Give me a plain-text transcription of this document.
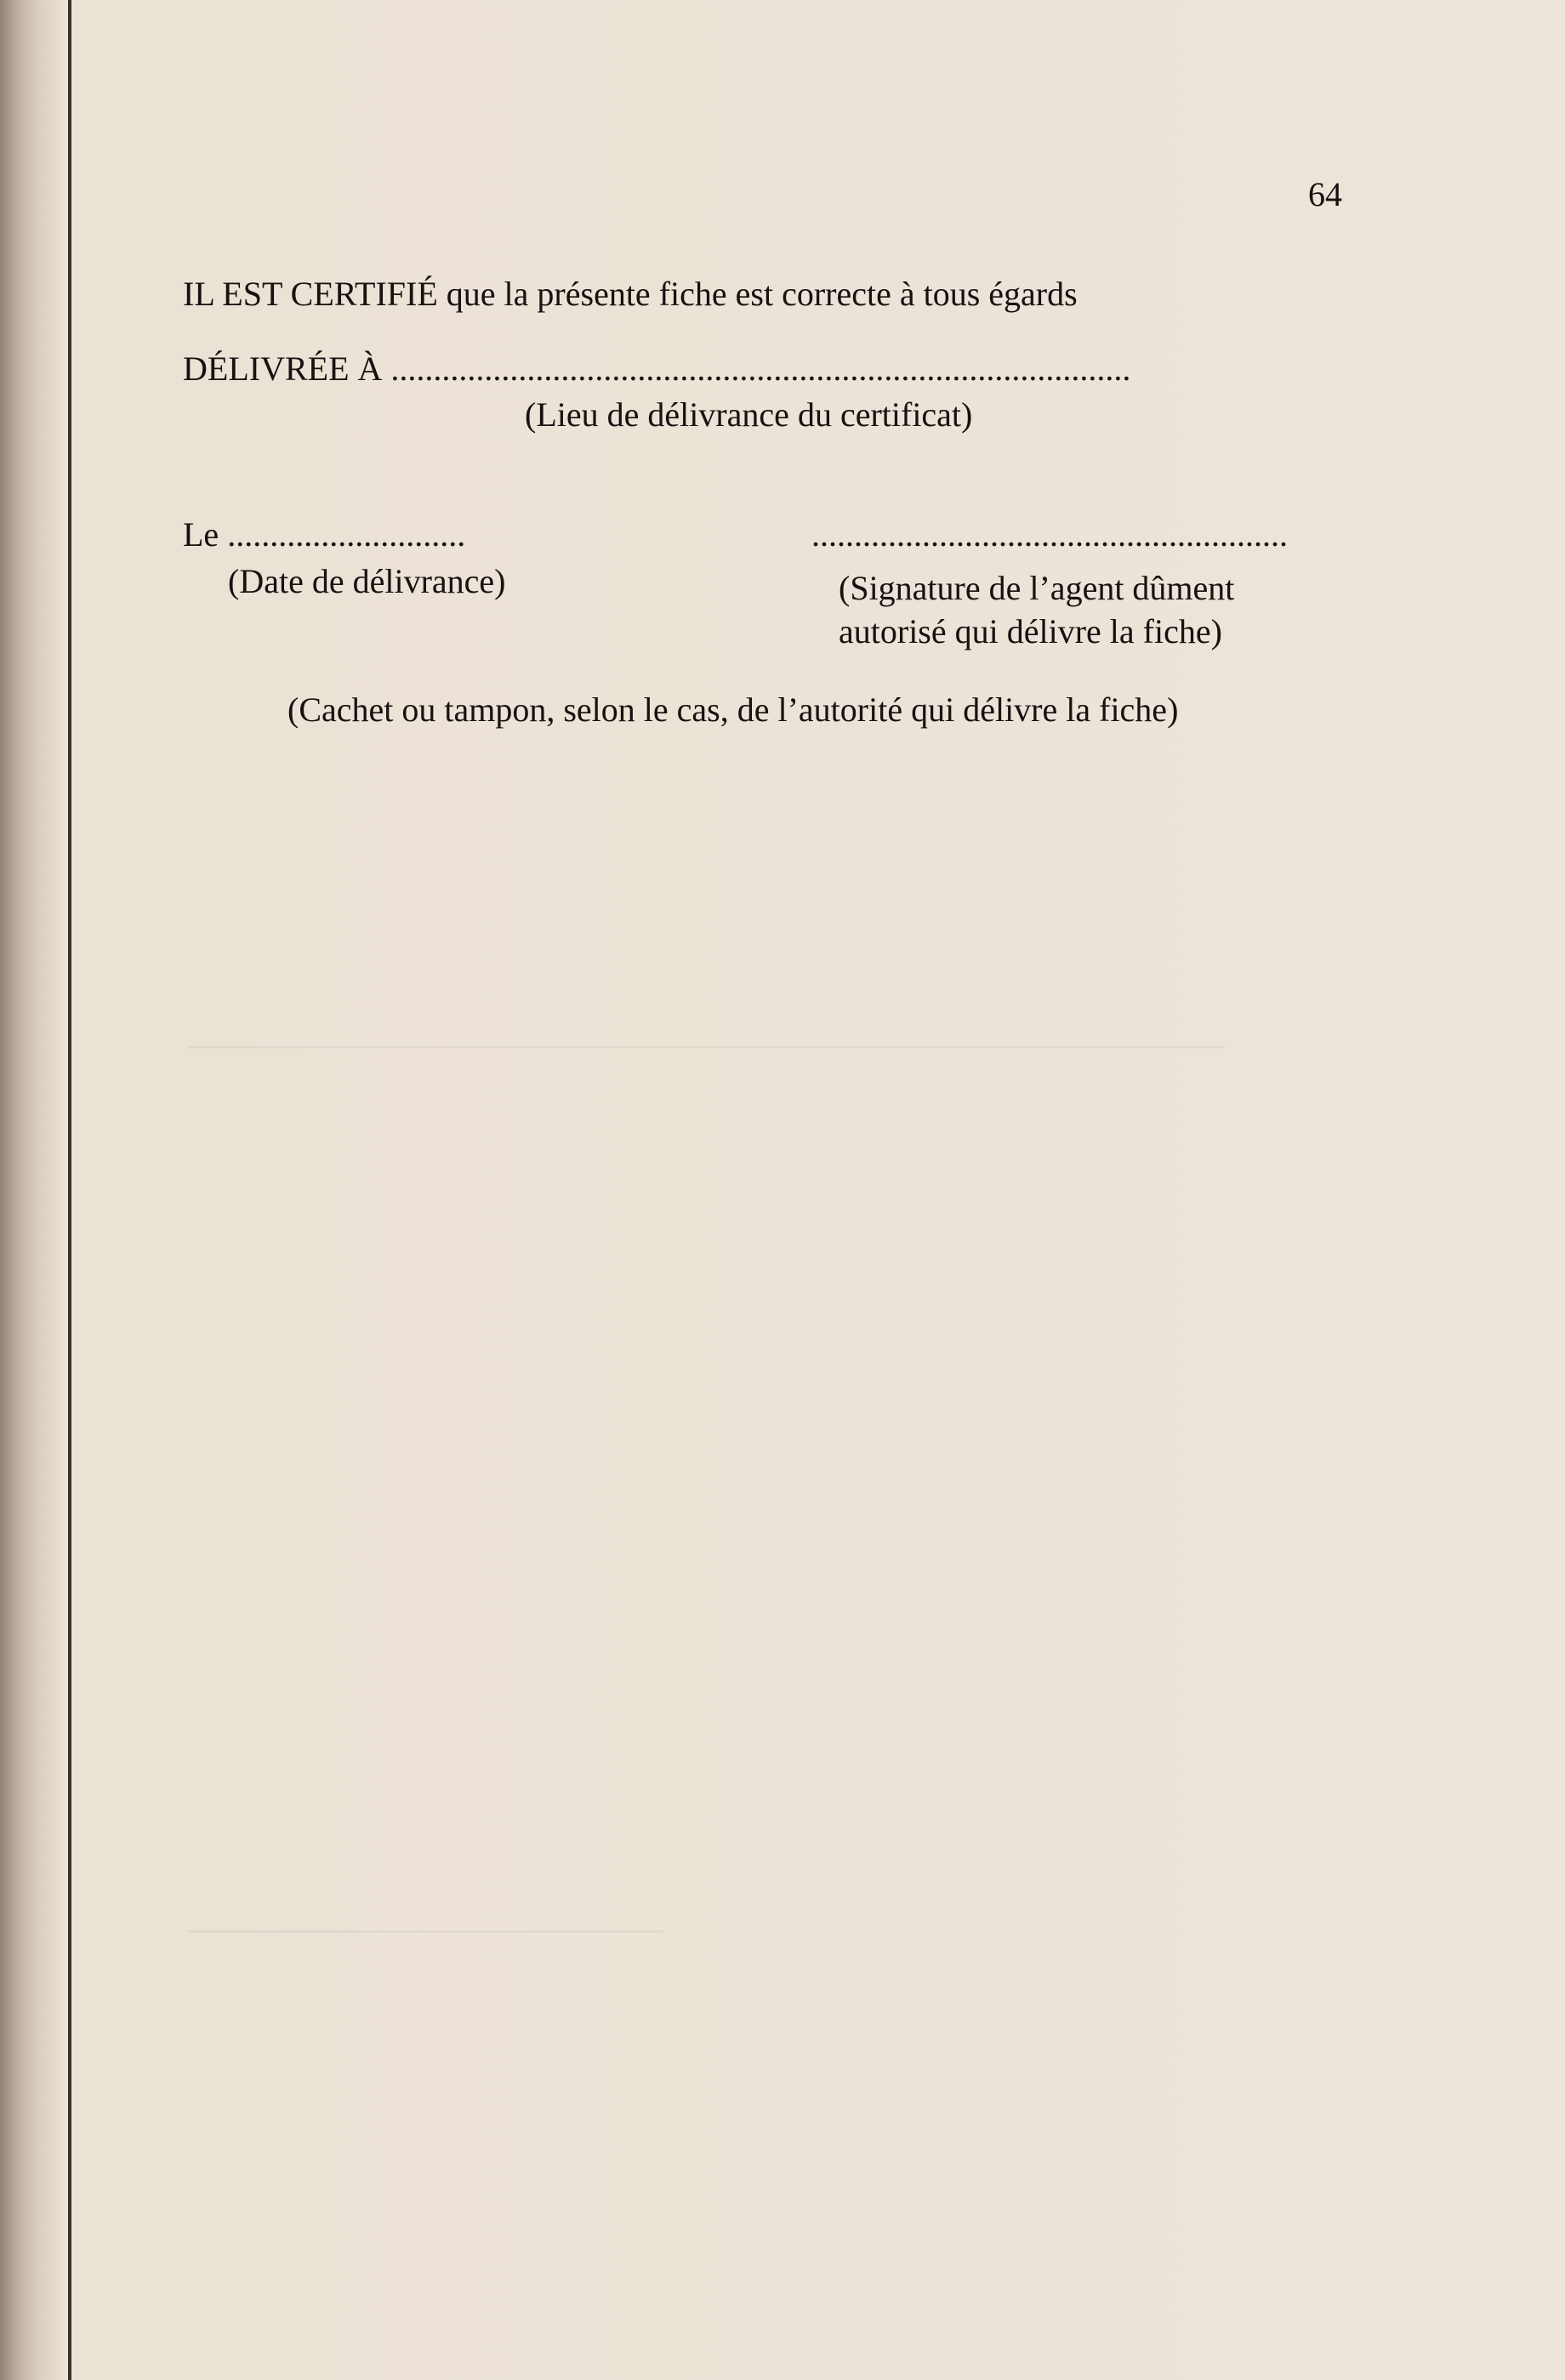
64
IL EST CERTIFIÉ que la présente fiche est correcte à tous égards
DÉLIVRÉE À .......................................................................................
(Lieu de délivrance du certificat)
Le ............................	........................................................
(Date de délivrance)	(Signature de l’agent dûment
autorisé qui délivre la fiche)
(Cachet ou tampon, selon le cas, de l’autorité qui délivre la fiche)
